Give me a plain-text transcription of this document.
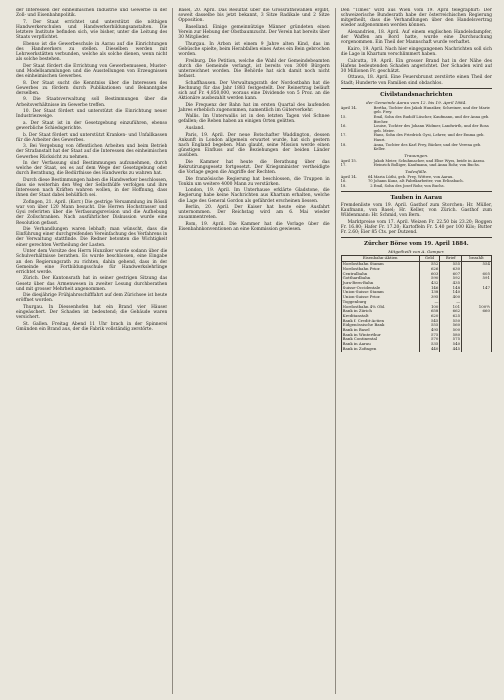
der Interessen der einheimischen Industrie und Gewerbe in der Zoll- und Eisenbahnpolitik.

7. Der Staat errichtet und unterstützt die nöthigen Handwerkerschulen und Handwerkerbildungsanstalten. Die letztere Institute befinden sich, wie bisher, unter die Leitung des Staats verpflichtet.

Ebenso ist die Gewerbeschule in Aarau auf die Einrichtungen des Handwerkers zu stellen. Dieselben werden mit Lehrwerkstätten verbunden, welche als solche dienen, wenn nicht als solche bestehen.

Der Staat fördert die Errichtung von Gewerbemuseen, Muster- und Modellsammlungen und die Ausstellungen von Erzeugnissen des einheimischen Gewerbes.

8. Der Staat sucht die Kenntniss über die Interessen des Gewerbes zu fördern durch Publikationen und Bekanntgabe derselben.

9. Die Staatsverwaltung soll Bestimmungen über die Arbeitsverhältnisse im Gewerbe treffen.

10. Der Staat fördert und unterstützt die Einrichtung neuer Industriezweige.

a. Der Staat ist in der Gesetzgebung einzuführen, ebenso gewerbliche Schiedsgerichte.

b. Der Staat fördert und unterstützt Kranken- und Unfallkassen für die Arbeiter des Gewerbes.

3. Bei Vergebung von öffentlichen Arbeiten und beim Betrieb der Strafanstalt hat der Staat auf die Interessen des einheimischen Gewerbes Rücksicht zu nehmen.

In der Verfassung sind Bestimmungen aufzunehmen, durch welche der Staat, sei es auf dem Wege der Gesetzgebung oder durch Berathung, die Bedürfnisse des Handwerks zu wahren hat.

Durch diese Bestimmungen haben die Handwerker beschlossen, dass sie weiterhin den Weg der Selbsthülfe verfolgen und ihre Interessen nach Kräften wahren wollen, in der Hoffnung, dass ihnen der Staat dabei behülflich sei.

Zofingen, 21. April. (Korr.) Die gestrige Versammlung im Rössli war von über 120 Mann besucht. Die Herren Hochstrasser und Gysi referirten über die Verfassungsrevision und die Aufhebung der Zollschranken. Nach ausführlicher Diskussion wurde eine Resolution gefasst.

Die Verhandlungen waren lebhaft; man wünscht, dass die Einführung einer durchgreifenden Vereinfachung des Verfahrens in der Verwaltung stattfinde. Die Redner betonten die Wichtigkeit einer gerechten Vertheilung der Lasten.

Unter dem Vorsitze des Herrn Hunziker wurde sodann über die Schulverhältnisse berathen. Es wurde beschlossen, eine Eingabe an den Regierungsrath zu richten, dahin gehend, dass in der Gemeinde eine Fortbildungsschule für Handwerkslehrlinge errichtet werde.

Zürich. Der Kantonsrath hat in seiner gestrigen Sitzung das Gesetz über das Armenwesen in zweiter Lesung durchberathen und mit grosser Mehrheit angenommen.

Die diesjährige Frühjahrsschifffahrt auf dem Zürichsee ist heute eröffnet worden.

Thurgau. In Diessenhofen hat ein Brand vier Häuser eingeäschert. Der Schaden ist bedeutend; die Gebäude waren versichert.

St. Gallen. Freitag Abend 11 Uhr brach in der Spinnerei Gmünden ein Brand aus, der die Fabrik vollständig zerstörte.

Basel, 20. April. Das Resultat über die Grossrathswahlen ergibt, soweit dasselbe bis jetzt bekannt, 3 Sitze Radikale und 2 Sitze Opposition.

Baselland. Einige gemeinnützige Männer gründeten einen Verein zur Hebung der Obstbaumzucht. Der Verein hat bereits über 30 Mitglieder.

Thurgau. In Arbon ist einem 9 Jahre alten Kind, das im Gebüsche spielte, beim Herabfallen eines Astes ein Bein gebrochen worden.

Freiburg. Die Petition, welche die Wahl der Gemeindebeamten durch die Gemeinde verlangt, ist bereits von 3000 Bürgern unterzeichnet worden. Die Behörde hat sich damit noch nicht befasst.

Schaffhausen. Der Verwaltungsrath der Nordostbahn hat die Rechnung für das Jahr 1883 festgestellt. Der Reinertrag beläuft sich auf Fr. 4,850,000, woraus eine Dividende von 5 Proz. an die Aktionäre ausbezahlt werden kann.

Die Frequenz der Bahn hat im ersten Quartal des laufenden Jahres erheblich zugenommen, namentlich im Güterverkehr.

Wallis. Im Unterwallis ist in den letzten Tagen viel Schnee gefallen; die Reben haben an einigen Orten gelitten.

Ausland.

Paris, 19. April. Der neue Botschafter Waddington, dessen Ankunft in London allgemein erwartet wurde, hat sich gestern nach England begeben. Man glaubt, seine Mission werde einen günstigen Einfluss auf die Beziehungen der beiden Länder ausüben.

Die Kammer hat heute die Berathung über das Rekrutirungsgesetz fortgesetzt. Der Kriegsminister vertheidigte die Vorlage gegen die Angriffe der Rechten.

Die französische Regierung hat beschlossen, die Truppen in Tonkin um weitere 4000 Mann zu verstärken.

London, 19. April. Im Unterhause erklärte Gladstone, die Regierung habe keine Nachrichten aus Khartum erhalten, welche die Lage des General Gordon als gefährdet erscheinen liessen.

Berlin, 20. April. Der Kaiser hat heute eine Ausfahrt unternommen. Der Reichstag wird am 6. Mai wieder zusammentreten.

Rom, 19. April. Die Kammer hat die Vorlage über die Eisenbahnkonventionen an eine Kommission gewiesen.

Den "Times" wird aus Wien vom 19. April telegraphirt: Der schweizerische Bundesrath habe der österreichischen Regierung mitgetheilt, dass die Verhandlungen über den Handelsvertrag wieder aufgenommen werden können.

Alexandrien, 18. April. Auf einem englischen Handelsdampfer, der Waffen am Bord hatte, wurde eine Durchsuchung vorgenommen. Ein Theil der Mannschaft wurde verhaftet.

Kairo, 19. April. Nach hier eingegangenen Nachrichten soll sich die Lage in Khartum verschlimmert haben.

Calcutta, 19. April. Ein grosser Brand hat in der Nähe des Hafens bedeutenden Schaden angerichtet. Der Schaden wird auf 30 Millionen Fr. geschätzt.

Ottawa, 18. April. Eine Feuersbrunst zerstörte einen Theil der Stadt; Hunderte von Familien sind obdachlos.

Civilstandsnachrichten
der Gemeinde Aarau vom 12. bis 19. April 1884.
April 14.		Bertha, Tochter des Jakob Hunziker, Schreiner, und der Marie geb. Frey.
15.		Emil, Sohn des Rudolf Lüscher, Kaufmann, und der Anna geb. Bircher.
16.		Louise, Tochter des Johann Widmer, Landwirth, und der Rosa geb. Meier.
17.		Hans, Sohn des Friedrich Gysi, Lehrer, und der Emma geb. Hauri.
18.		Anna, Tochter des Karl Frey, Bäcker, und der Verena geb. Keller.
Trauungen.
April 15.		Jakob Meier, Schuhmacher, und Elise Wyss, beide in Aarau.
17.		Heinrich Bolliger, Kaufmann, und Anna Rohr, von Buchs.
Todesfälle.
April 14.	64	Maria Lüthi, geb. Frey, Wittwe, von Aarau.
16.	70	Johann Kunz, alt Fabrikarbeiter, von Erlinsbach.
18.	2	Emil, Sohn des Josef Rohr, von Buchs.
Tauben in Aarau

Fremdenliste vom 19. April. Gasthof zum Storchen: Hr. Müller, Kaufmann, von Basel; Hr. Keller, von Zürich. Gasthof zum Wildenmann: Hr. Schmid, von Bern.

Marktpreise vom 17. April. Weizen Fr. 22.50 bis 23.20; Roggen Fr. 16.80; Hafer Fr. 17.20; Kartoffeln Fr. 5.40 per 100 Kilo; Butter Fr. 2.60; Eier 85 Cts. per Dutzend.

Zürcher Börse vom 19. April 1884.
Mitgetheilt von A. Gamper.
Eisenbahn-Aktien	Geld	Brief	bezahlt
Nordostbahn Stamm	552	555	554
Nordostbahn Prior.	626	630	
Centralbahn	603	607	605
Gotthardbahn	590	592	591
Jura-Bern-Bahn	432	435	
Suisse-Occidentale	146	148	147
Union-Suisse Stamm	138	140	
Union-Suisse Prior.	395	400	
Toggenburg	—	—	
Nordostbahn 4% Obl.	100	101	100½
Bank in Zürich	658	662	660
Kreditanstalt	620	625	
Bank f. Credit-Actien	545	550	
Eidgenössische Bank	555	560	
Bank in Basel	495	500	
Bank in Winterthur	575	580	
Bank Continental	570	575	
Bank in Aarau	535	540	
Bank in Zofingen	440	445	
